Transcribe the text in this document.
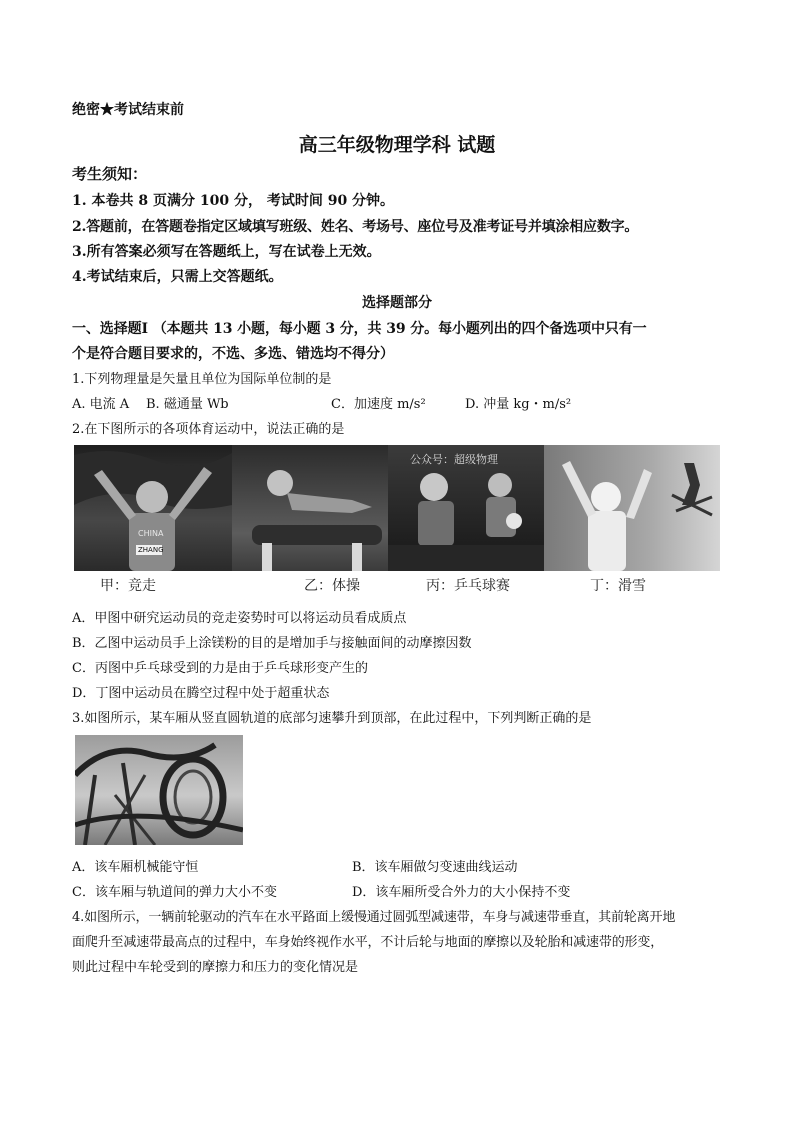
绝密★考试结束前
高三年级物理学科 试题
考生须知：
1. 本卷共 8 页满分 100 分， 考试时间 90 分钟。
2.答题前，在答题卷指定区域填写班级、姓名、考场号、座位号及准考证号并填涂相应数字。
3.所有答案必须写在答题纸上，写在试卷上无效。
4.考试结束后，只需上交答题纸。
选择题部分
一、选择题Ⅰ （本题共 13 小题，每小题 3 分，共 39 分。每小题列出的四个备选项中只有一
个是符合题目要求的，不选、多选、错选均不得分）
1.下列物理量是矢量且单位为国际单位制的是
A. 电流 A B. 磁通量 Wb	C．加速度 m/s²	D. 冲量 kg・m/s²
2.在下图所示的各项体育运动中，说法正确的是
CHINA
ZHANG
公众号：超级物理
甲：竞走	乙：体操	丙：乒乓球赛	丁：滑雪
A．甲图中研究运动员的竞走姿势时可以将运动员看成质点
B．乙图中运动员手上涂镁粉的目的是增加手与接触面间的动摩擦因数
C．丙图中乒乓球受到的力是由于乒乓球形变产生的
D．丁图中运动员在腾空过程中处于超重状态
3.如图所示，某车厢从竖直圆轨道的底部匀速攀升到顶部，在此过程中，下列判断正确的是
A．该车厢机械能守恒	B．该车厢做匀变速曲线运动
C．该车厢与轨道间的弹力大小不变	D．该车厢所受合外力的大小保持不变
4.如图所示，一辆前轮驱动的汽车在水平路面上缓慢通过圆弧型减速带，车身与减速带垂直，其前轮离开地
面爬升至减速带最高点的过程中，车身始终视作水平，不计后轮与地面的摩擦以及轮胎和减速带的形变，
则此过程中车轮受到的摩擦力和压力的变化情况是
